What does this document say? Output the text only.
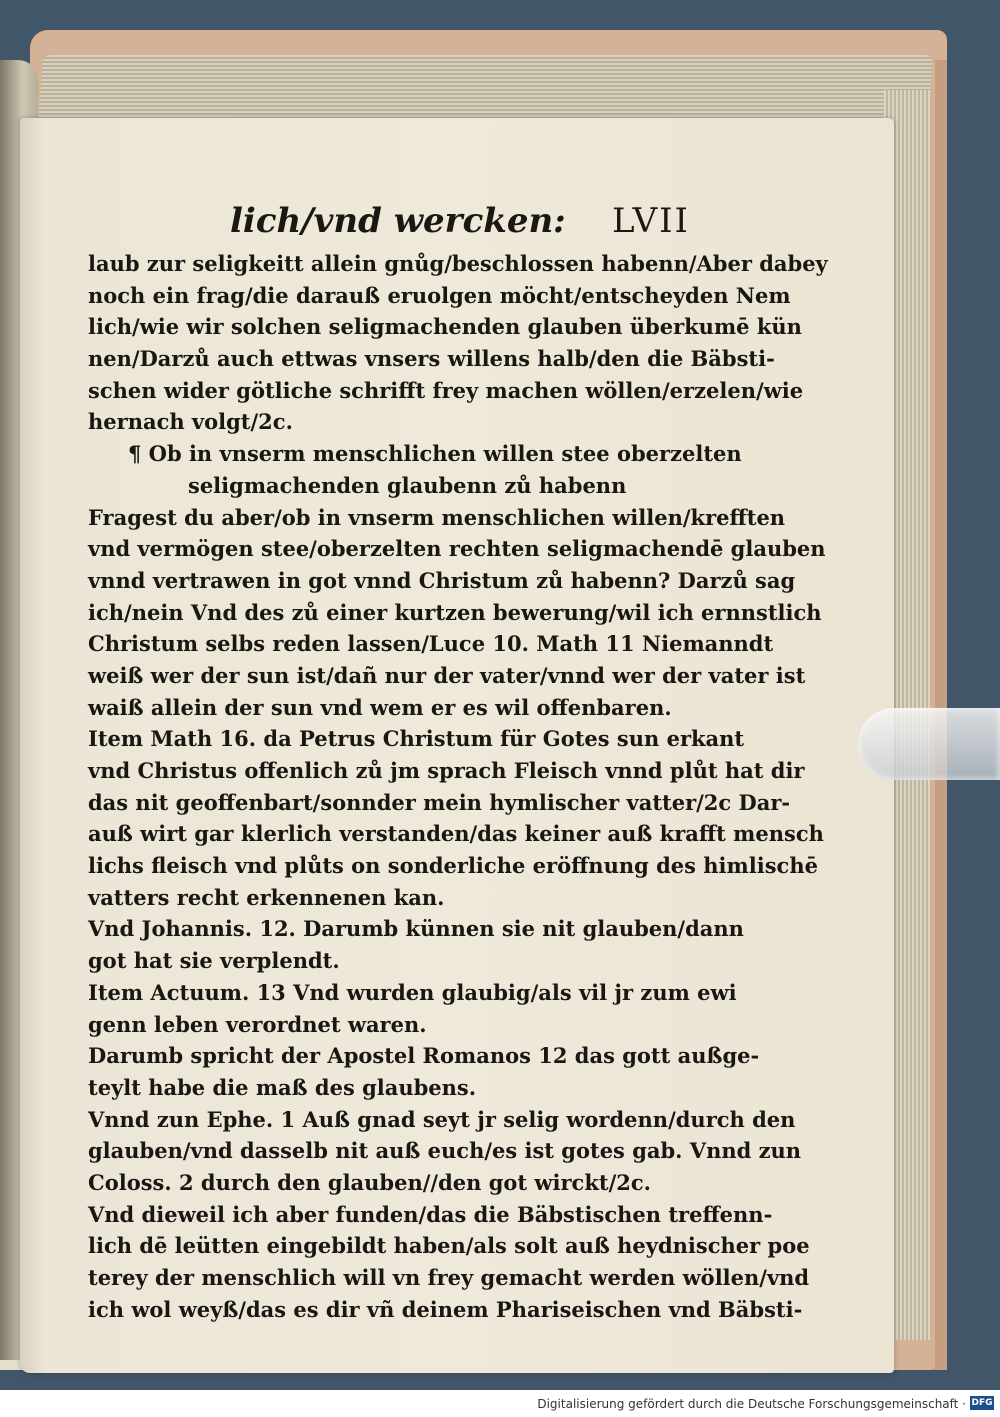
lich/vnd wercken: LVII
laub zur seligkeitt allein gnůg/beschlossen habenn/Aber dabey
noch ein frag/die darauß eruolgen möcht/entscheyden Nem
lich/wie wir solchen seligmachenden glauben überkumē kün
nen/Darzů auch ettwas vnsers willens halb/den die Bäbsti-
schen wider götliche schrifft frey machen wöllen/erzelen/wie
hernach volgt/2c.
¶ Ob in vnserm menschlichen willen stee oberzelten
seligmachenden glaubenn zů habenn
Fragest du aber/ob in vnserm menschlichen willen/krefften
vnd vermögen stee/oberzelten rechten seligmachendē glauben
vnnd vertrawen in got vnnd Christum zů habenn? Darzů sag
ich/nein Vnd des zů einer kurtzen bewerung/wil ich ernnstlich
Christum selbs reden lassen/Luce 10. Math 11 Niemanndt
weiß wer der sun ist/dañ nur der vater/vnnd wer der vater ist
waiß allein der sun vnd wem er es wil offenbaren.
Item Math 16. da Petrus Christum für Gotes sun erkant
vnd Christus offenlich zů jm sprach Fleisch vnnd plůt hat dir
das nit geoffenbart/sonnder mein hymlischer vatter/2c Dar-
auß wirt gar klerlich verstanden/das keiner auß krafft mensch
lichs fleisch vnd plůts on sonderliche eröffnung des himlischē
vatters recht erkennenen kan.
Vnd Johannis. 12. Darumb künnen sie nit glauben/dann
got hat sie verplendt.
Item Actuum. 13 Vnd wurden glaubig/als vil jr zum ewi
genn leben verordnet waren.
Darumb spricht der Apostel Romanos 12 das gott außge-
teylt habe die maß des glaubens.
Vnnd zun Ephe. 1 Auß gnad seyt jr selig wordenn/durch den
glauben/vnd dasselb nit auß euch/es ist gotes gab. Vnnd zun
Coloss. 2 durch den glauben//den got wirckt/2c.
Vnd dieweil ich aber funden/das die Bäbstischen treffenn-
lich dē leütten eingebildt haben/als solt auß heydnischer poe
terey der menschlich will vn frey gemacht werden wöllen/vnd
ich wol weyß/das es dir vñ deinem Phariseischen vnd Bäbsti-
Digitalisierung gefördert durch die Deutsche Forschungsgemeinschaft · DFG
